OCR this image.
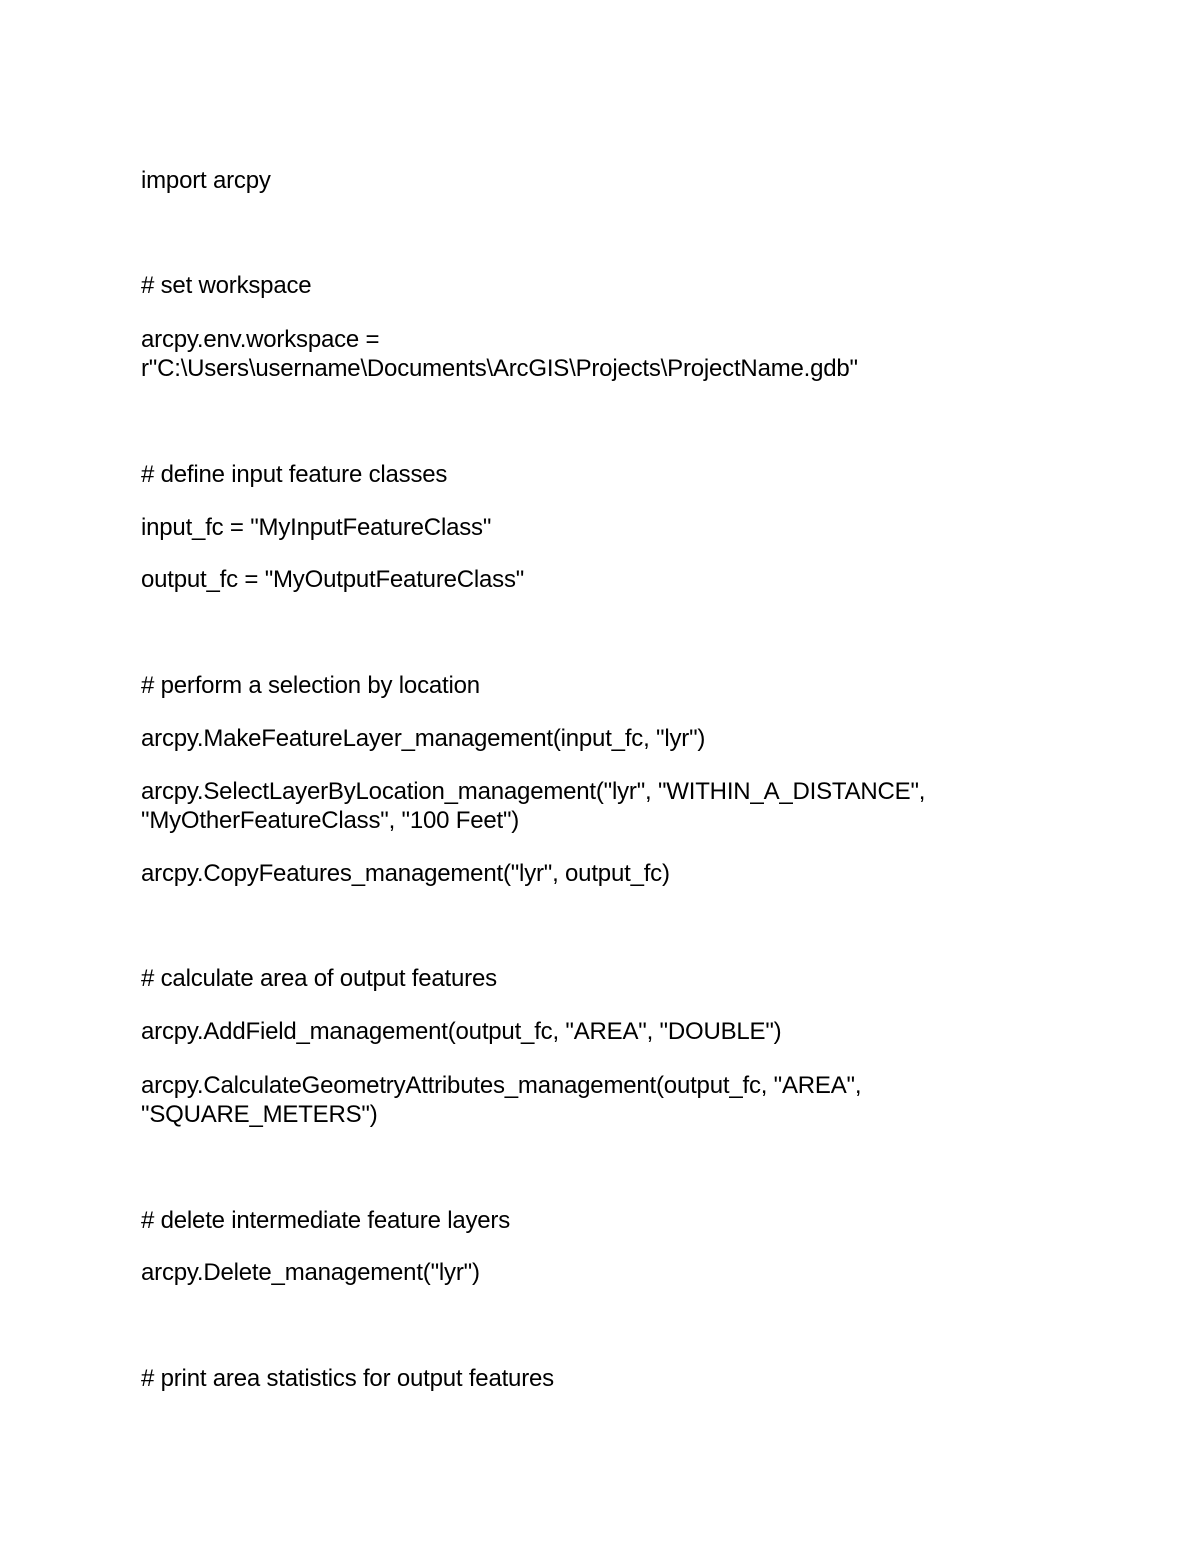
import arcpy
# set workspace
arcpy.env.workspace =
r"C:\Users\username\Documents\ArcGIS\Projects\ProjectName.gdb"
# define input feature classes
input_fc = "MyInputFeatureClass"
output_fc = "MyOutputFeatureClass"
# perform a selection by location
arcpy.MakeFeatureLayer_management(input_fc, "lyr")
arcpy.SelectLayerByLocation_management("lyr", "WITHIN_A_DISTANCE",
"MyOtherFeatureClass", "100 Feet")
arcpy.CopyFeatures_management("lyr", output_fc)
# calculate area of output features
arcpy.AddField_management(output_fc, "AREA", "DOUBLE")
arcpy.CalculateGeometryAttributes_management(output_fc, "AREA",
"SQUARE_METERS")
# delete intermediate feature layers
arcpy.Delete_management("lyr")
# print area statistics for output features
